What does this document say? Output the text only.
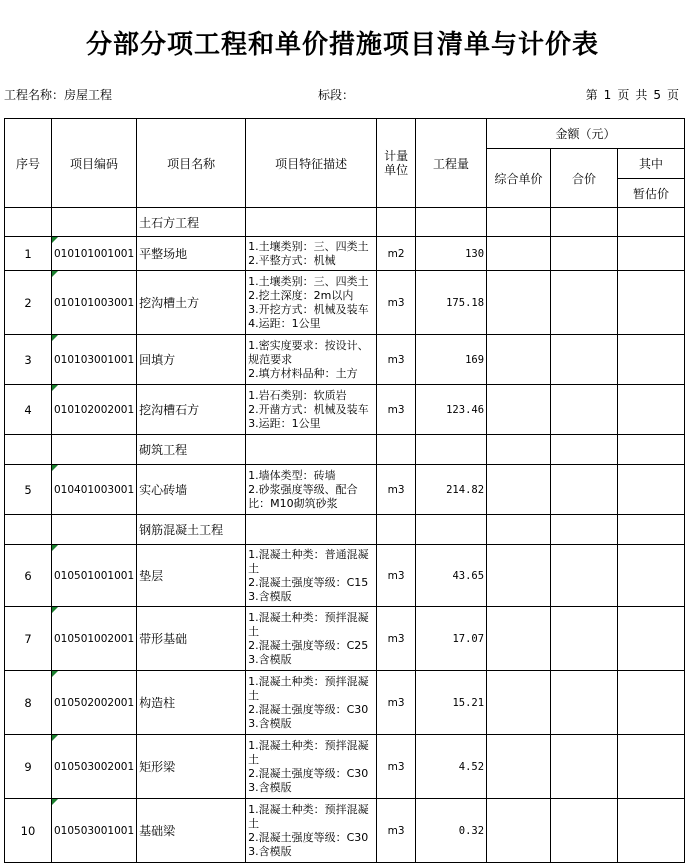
分部分项工程和单价措施项目清单与计价表
工程名称：房屋工程	标段：	第 1 页 共 5 页
序号	项目编码	项目名称	项目特征描述	计量单位	工程量	金额（元）		
						综合单价	合价	其中
								暂估价
		土石方工程						
1	010101001001	平整场地	1.土壤类别：三、四类土
2.平整方式：机械	m2	130			
2	010101003001	挖沟槽土方	1.土壤类别：三、四类土
2.挖土深度：2m以内
3.开挖方式：机械及装车
4.运距：1公里	m3	175.18			
3	010103001001	回填方	1.密实度要求：按设计、
规范要求
2.填方材料品种：土方	m3	169			
4	010102002001	挖沟槽石方	1.岩石类别：软质岩
2.开凿方式：机械及装车
3.运距：1公里	m3	123.46			
		砌筑工程						
5	010401003001	实心砖墙	1.墙体类型：砖墙
2.砂浆强度等级、配合
比：M10砌筑砂浆	m3	214.82			
		钢筋混凝土工程						
6	010501001001	垫层	1.混凝土种类：普通混凝
土
2.混凝土强度等级：C15
3.含模版	m3	43.65			
7	010501002001	带形基础	1.混凝土种类：预拌混凝
土
2.混凝土强度等级：C25
3.含模版	m3	17.07			
8	010502002001	构造柱	1.混凝土种类：预拌混凝
土
2.混凝土强度等级：C30
3.含模版	m3	15.21			
9	010503002001	矩形梁	1.混凝土种类：预拌混凝
土
2.混凝土强度等级：C30
3.含模版	m3	4.52			
10	010503001001	基础梁	1.混凝土种类：预拌混凝
土
2.混凝土强度等级：C30
3.含模版	m3	0.32			
